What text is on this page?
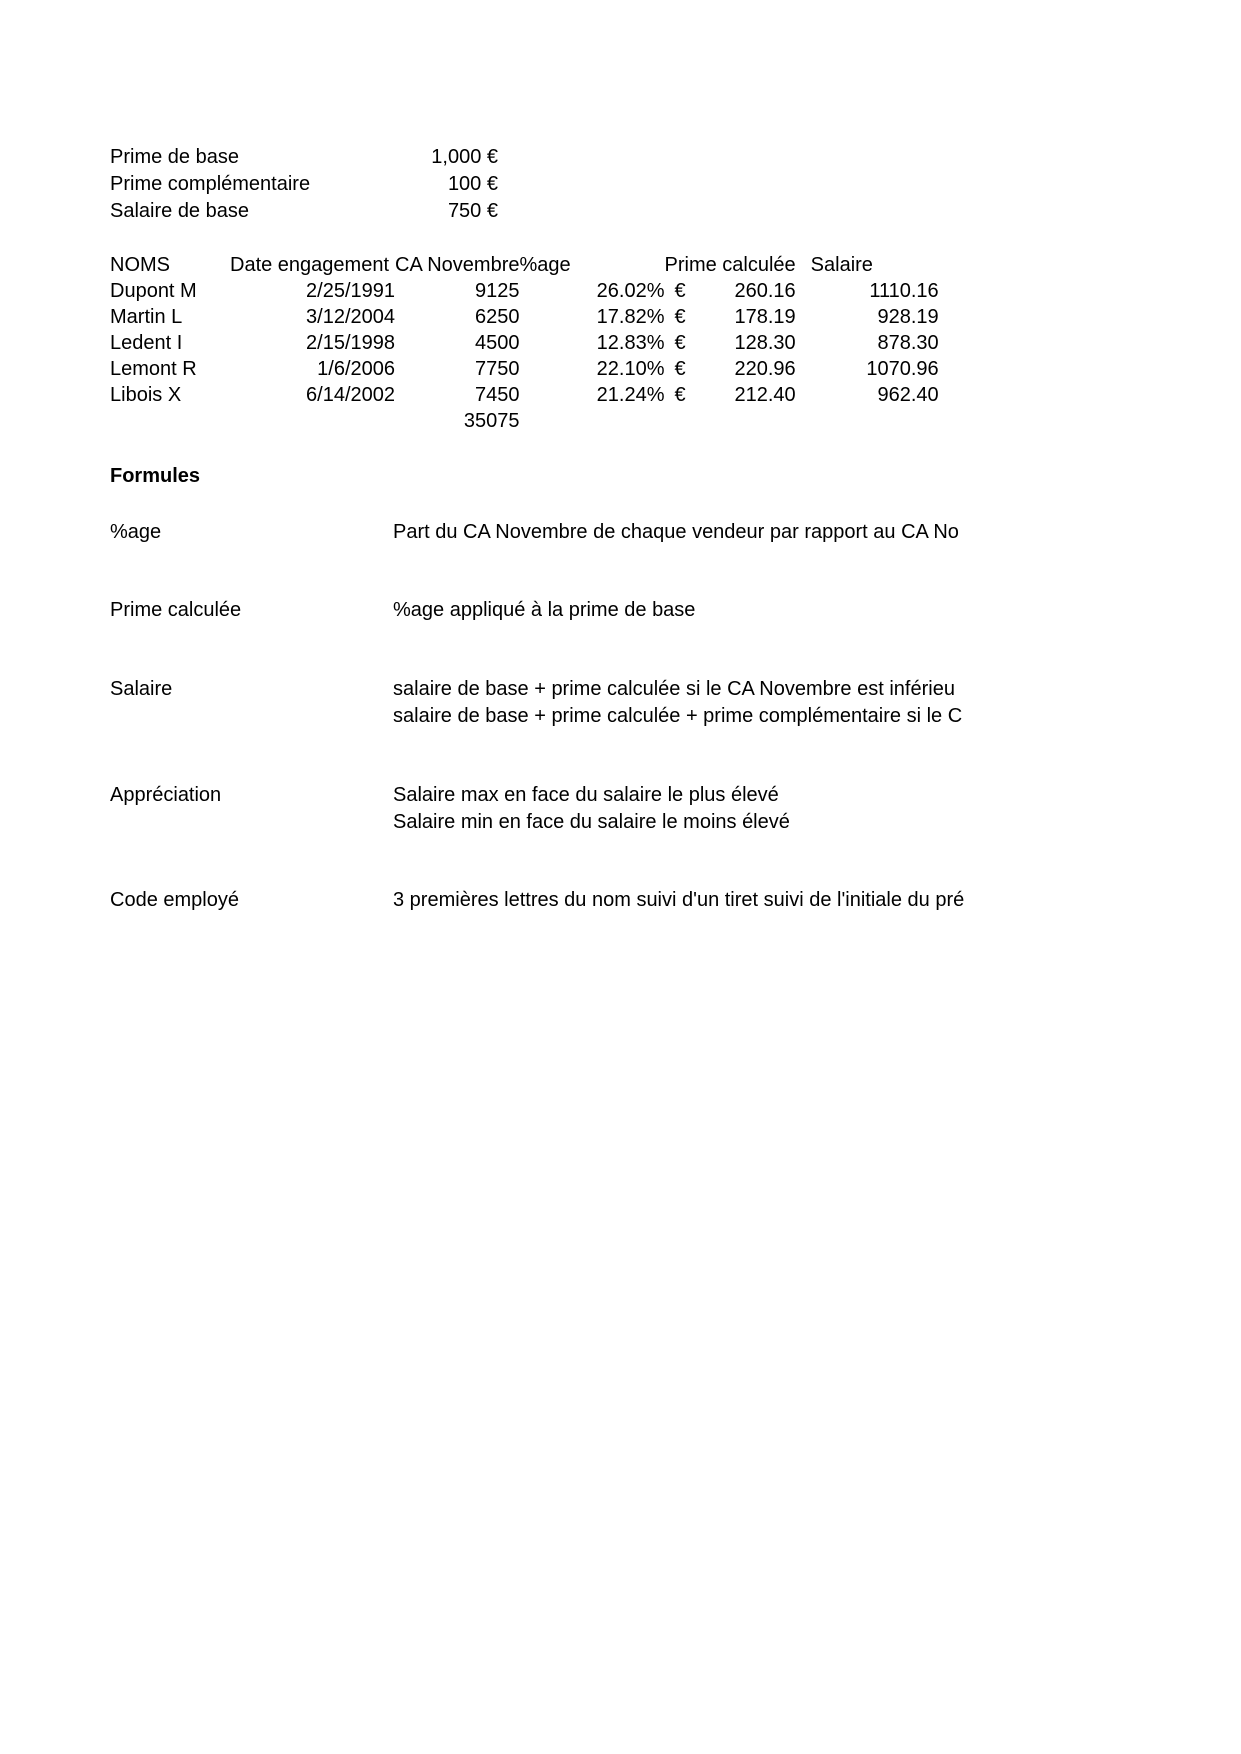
Prime de base	1,000 €
Prime complémentaire	100 €
Salaire de base	750 €
NOMS	Date engagement	CA Novembre	%age	Prime calculée		Salaire
Dupont M	2/25/1991	9125	26.02%	€	260.16	1110.16
Martin L	3/12/2004	6250	17.82%	€	178.19	928.19
Ledent I	2/15/1998	4500	12.83%	€	128.30	878.30
Lemont R	1/6/2006	7750	22.10%	€	220.96	1070.96
Libois X	6/14/2002	7450	21.24%	€	212.40	962.40
		35075				
Formules
%age	Part du CA Novembre de chaque vendeur par rapport au CA No
Prime calculée	%age appliqué à la prime de base
Salaire	salaire de base + prime calculée si le CA Novembre est inférieu
salaire de base + prime calculée + prime complémentaire si le C
Appréciation	Salaire max en face du salaire le plus élevé
Salaire min en face du salaire le moins élevé
Code employé	3 premières lettres du nom suivi d'un tiret suivi de l'initiale du pré
